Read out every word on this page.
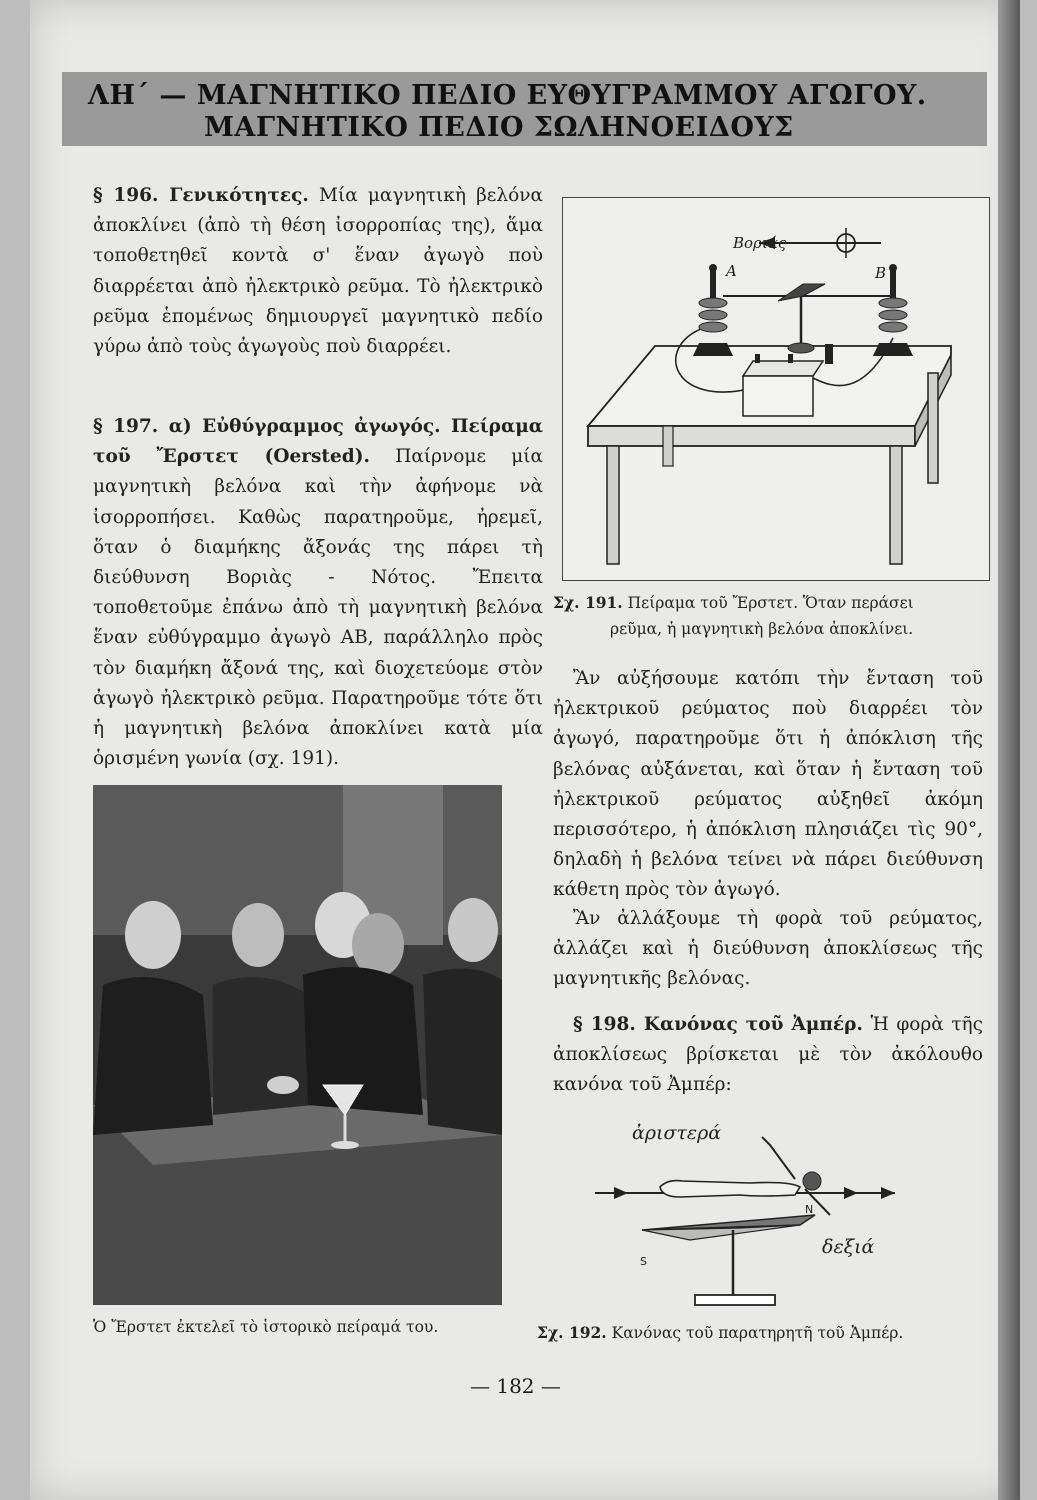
ΛΗ΄ — ΜΑΓΝΗΤΙΚΟ ΠΕΔΙΟ ΕΥΘΥΓΡΑΜΜΟΥ ΑΓΩΓΟΥ.
ΜΑΓΝΗΤΙΚΟ ΠΕΔΙΟ ΣΩΛΗΝΟΕΙΔΟΥΣ
§ 196. Γενικότητες. Μία μαγνητικὴ βελόνα ἀποκλίνει (ἀπὸ τὴ θέση ἰσορροπίας της), ἅμα τοποθετηθεῖ κοντὰ σ' ἕναν ἀγωγὸ ποὺ διαρρέεται ἀπὸ ἠλεκτρικὸ ρεῦμα. Τὸ ἠλεκτρικὸ ρεῦμα ἑπομένως δημιουργεῖ μαγνητικὸ πεδίο γύρω ἀπὸ τοὺς ἀγωγοὺς ποὺ διαρρέει.
§ 197. α) Εὐθύγραμμος ἀγωγός. Πείραμα τοῦ Ἔρστετ (Oersted). Παίρνομε μία μαγνητικὴ βελόνα καὶ τὴν ἀφήνομε νὰ ἰσορροπήσει. Καθὼς παρατηροῦμε, ἠρεμεῖ, ὅταν ὁ διαμήκης ἄξονάς της πάρει τὴ διεύθυνση Βοριὰς - Νότος. Ἔπειτα τοποθετοῦμε ἐπάνω ἀπὸ τὴ μαγνητικὴ βελόνα ἕναν εὐθύγραμμο ἀγωγὸ ΑΒ, παράλληλο πρὸς τὸν διαμήκη ἄξονά της, καὶ διοχετεύομε στὸν ἀγωγὸ ἠλεκτρικὸ ρεῦμα. Παρατηροῦμε τότε ὅτι ἡ μαγνητικὴ βελόνα ἀποκλίνει κατὰ μία ὁρισμένη γωνία (σχ. 191).
Βοριάς
A	B
Σχ. 191. Πείραμα τοῦ Ἔρστετ. Ὅταν περάσει
ρεῦμα, ἡ μαγνητικὴ βελόνα ἀποκλίνει.
Ἂν αὐξήσουμε κατόπι τὴν ἔνταση τοῦ ἠλεκτρικοῦ ρεύματος ποὺ διαρρέει τὸν ἀγωγό, παρατηροῦμε ὅτι ἡ ἀπόκλιση τῆς βελόνας αὐξάνεται, καὶ ὅταν ἡ ἔνταση τοῦ ἠλεκτρικοῦ ρεύματος αὐξηθεῖ ἀκόμη περισσότερο, ἡ ἀπόκλιση πλησιάζει τὶς 90°, δηλαδὴ ἡ βελόνα τείνει νὰ πάρει διεύθυνση κάθετη πρὸς τὸν ἀγωγό.
Ἂν ἀλλάξουμε τὴ φορὰ τοῦ ρεύματος, ἀλλάζει καὶ ἡ διεύθυνση ἀποκλίσεως τῆς μαγνητικῆς βελόνας.
§ 198. Κανόνας τοῦ Ἀμπέρ. Ἡ φορὰ τῆς ἀποκλίσεως βρίσκεται μὲ τὸν ἀκόλουθο κανόνα τοῦ Ἀμπέρ:
ἀριστερά
N
S
δεξιά
Σχ. 192. Κανόνας τοῦ παρατηρητῆ τοῦ Ἀμπέρ.
Ὁ Ἔρστετ ἐκτελεῖ τὸ ἱστορικὸ πείραμά του.
— 182 —
